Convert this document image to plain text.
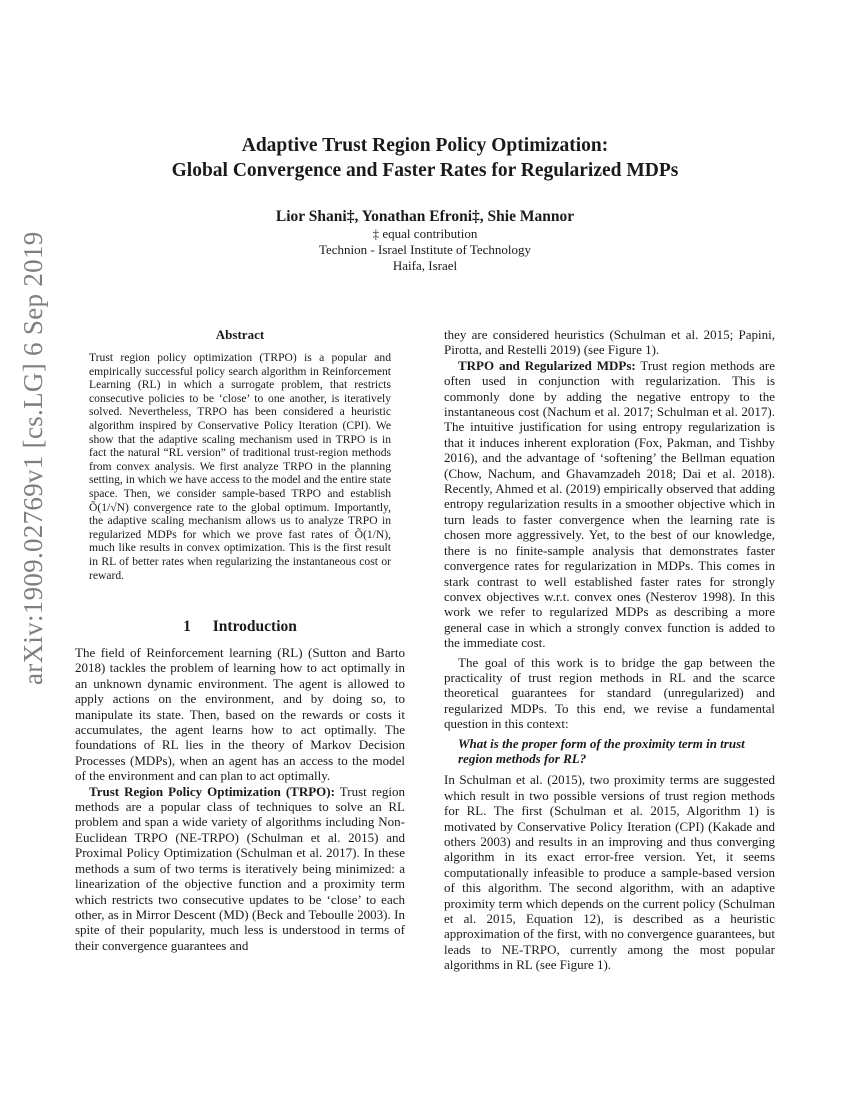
arXiv:1909.02769v1 [cs.LG] 6 Sep 2019
Adaptive Trust Region Policy Optimization:
Global Convergence and Faster Rates for Regularized MDPs
Lior Shani‡, Yonathan Efroni‡, Shie Mannor
‡ equal contribution
Technion - Israel Institute of Technology
Haifa, Israel
Abstract
Trust region policy optimization (TRPO) is a popular and empirically successful policy search algorithm in Reinforcement Learning (RL) in which a surrogate problem, that restricts consecutive policies to be ‘close’ to one another, is iteratively solved. Nevertheless, TRPO has been considered a heuristic algorithm inspired by Conservative Policy Iteration (CPI). We show that the adaptive scaling mechanism used in TRPO is in fact the natural “RL version” of traditional trust-region methods from convex analysis. We first analyze TRPO in the planning setting, in which we have access to the model and the entire state space. Then, we consider sample-based TRPO and establish Õ(1/√N) convergence rate to the global optimum. Importantly, the adaptive scaling mechanism allows us to analyze TRPO in regularized MDPs for which we prove fast rates of Õ(1/N), much like results in convex optimization. This is the first result in RL of better rates when regularizing the instantaneous cost or reward.
1 Introduction

The field of Reinforcement learning (RL) (Sutton and Barto 2018) tackles the problem of learning how to act optimally in an unknown dynamic environment. The agent is allowed to apply actions on the environment, and by doing so, to manipulate its state. Then, based on the rewards or costs it accumulates, the agent learns how to act optimally. The foundations of RL lies in the theory of Markov Decision Processes (MDPs), when an agent has an access to the model of the environment and can plan to act optimally.

Trust Region Policy Optimization (TRPO): Trust region methods are a popular class of techniques to solve an RL problem and span a wide variety of algorithms including Non-Euclidean TRPO (NE-TRPO) (Schulman et al. 2015) and Proximal Policy Optimization (Schulman et al. 2017). In these methods a sum of two terms is iteratively being minimized: a linearization of the objective function and a proximity term which restricts two consecutive updates to be ‘close’ to each other, as in Mirror Descent (MD) (Beck and Teboulle 2003). In spite of their popularity, much less is understood in terms of their convergence guarantees and

they are considered heuristics (Schulman et al. 2015; Papini, Pirotta, and Restelli 2019) (see Figure 1).

TRPO and Regularized MDPs: Trust region methods are often used in conjunction with regularization. This is commonly done by adding the negative entropy to the instantaneous cost (Nachum et al. 2017; Schulman et al. 2017). The intuitive justification for using entropy regularization is that it induces inherent exploration (Fox, Pakman, and Tishby 2016), and the advantage of ‘softening’ the Bellman equation (Chow, Nachum, and Ghavamzadeh 2018; Dai et al. 2018). Recently, Ahmed et al. (2019) empirically observed that adding entropy regularization results in a smoother objective which in turn leads to faster convergence when the learning rate is chosen more aggressively. Yet, to the best of our knowledge, there is no finite-sample analysis that demonstrates faster convergence rates for regularization in MDPs. This comes in stark contrast to well established faster rates for strongly convex objectives w.r.t. convex ones (Nesterov 1998). In this work we refer to regularized MDPs as describing a more general case in which a strongly convex function is added to the immediate cost.

The goal of this work is to bridge the gap between the practicality of trust region methods in RL and the scarce theoretical guarantees for standard (unregularized) and regularized MDPs. To this end, we revise a fundamental question in this context:

What is the proper form of the proximity term in trust region methods for RL?

In Schulman et al. (2015), two proximity terms are suggested which result in two possible versions of trust region methods for RL. The first (Schulman et al. 2015, Algorithm 1) is motivated by Conservative Policy Iteration (CPI) (Kakade and others 2003) and results in an improving and thus converging algorithm in its exact error-free version. Yet, it seems computationally infeasible to produce a sample-based version of this algorithm. The second algorithm, with an adaptive proximity term which depends on the current policy (Schulman et al. 2015, Equation 12), is described as a heuristic approximation of the first, with no convergence guarantees, but leads to NE-TRPO, currently among the most popular algorithms in RL (see Figure 1).
